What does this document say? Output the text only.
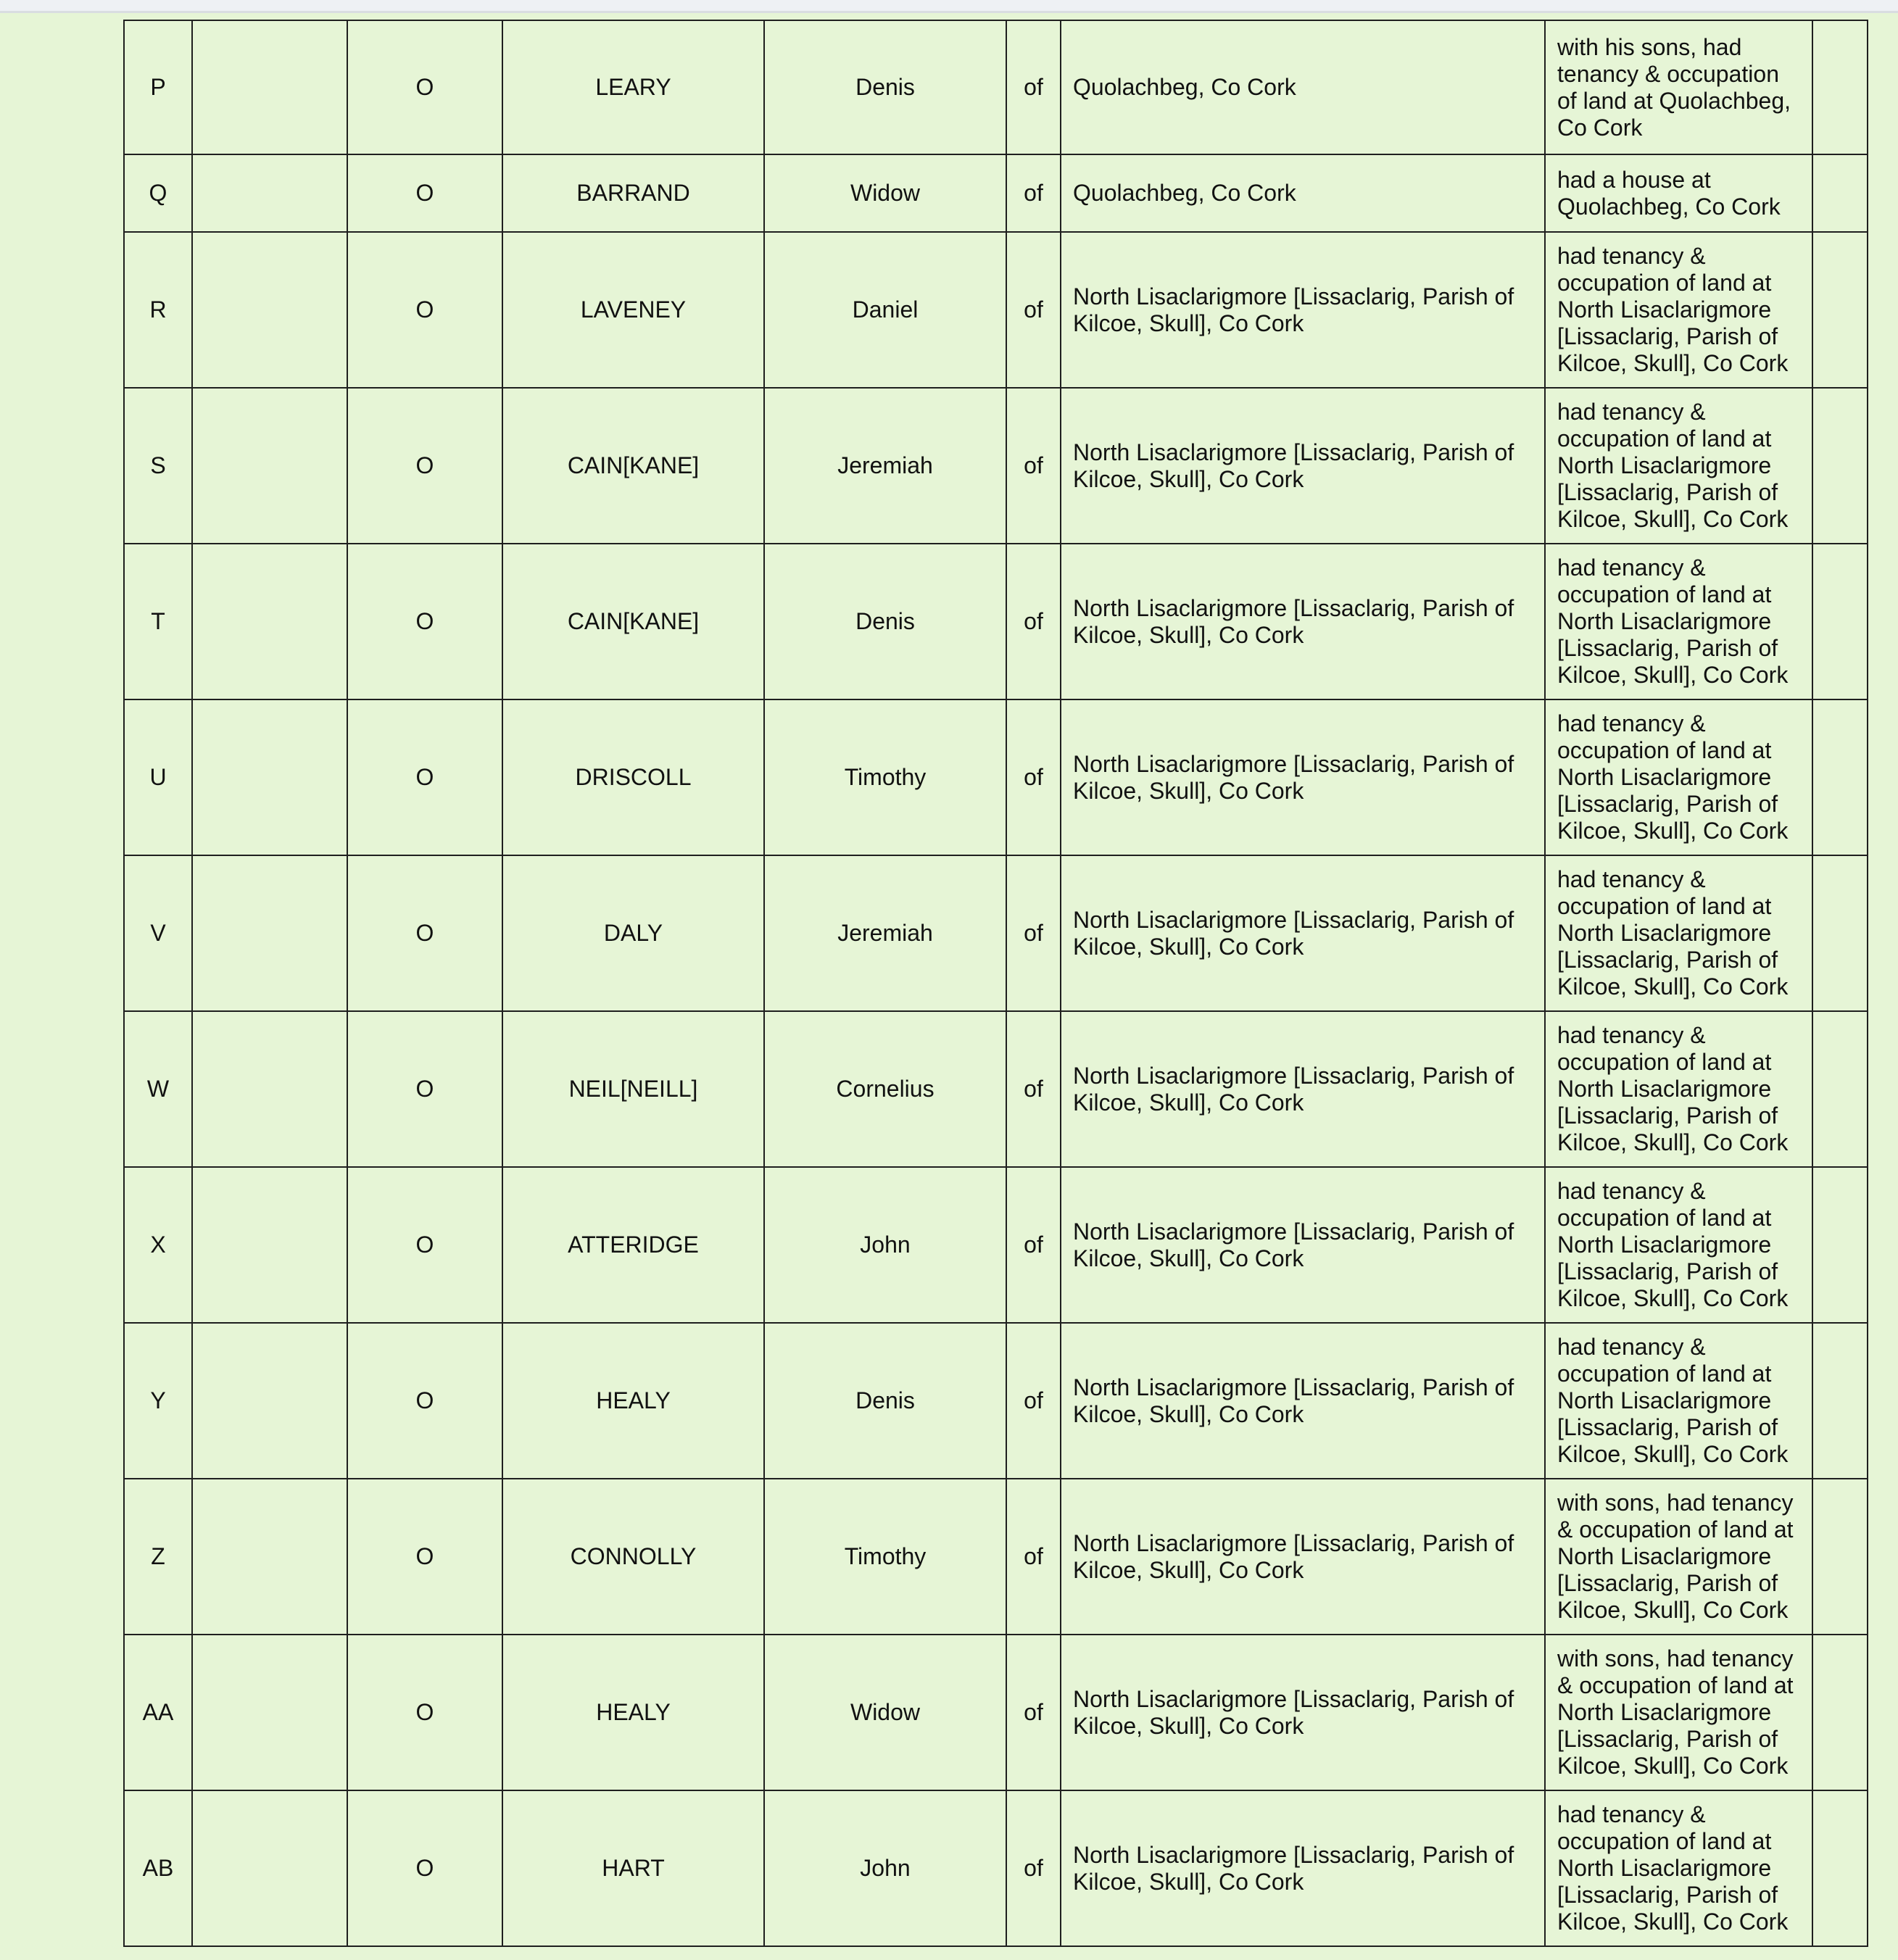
P		O	LEARY	Denis	of	Quolachbeg, Co Cork	with his sons, had tenancy & occupation of land at Quolachbeg, Co Cork	
Q		O	BARRAND	Widow	of	Quolachbeg, Co Cork	had a house at Quolachbeg, Co Cork	
R		O	LAVENEY	Daniel	of	North Lisaclarigmore [Lissaclarig, Parish of Kilcoe, Skull], Co Cork	had tenancy & occupation of land at North Lisaclarigmore [Lissaclarig, Parish of Kilcoe, Skull], Co Cork	
S		O	CAIN[KANE]	Jeremiah	of	North Lisaclarigmore [Lissaclarig, Parish of Kilcoe, Skull], Co Cork	had tenancy & occupation of land at North Lisaclarigmore [Lissaclarig, Parish of Kilcoe, Skull], Co Cork	
T		O	CAIN[KANE]	Denis	of	North Lisaclarigmore [Lissaclarig, Parish of Kilcoe, Skull], Co Cork	had tenancy & occupation of land at North Lisaclarigmore [Lissaclarig, Parish of Kilcoe, Skull], Co Cork	
U		O	DRISCOLL	Timothy	of	North Lisaclarigmore [Lissaclarig, Parish of Kilcoe, Skull], Co Cork	had tenancy & occupation of land at North Lisaclarigmore [Lissaclarig, Parish of Kilcoe, Skull], Co Cork	
V		O	DALY	Jeremiah	of	North Lisaclarigmore [Lissaclarig, Parish of Kilcoe, Skull], Co Cork	had tenancy & occupation of land at North Lisaclarigmore [Lissaclarig, Parish of Kilcoe, Skull], Co Cork	
W		O	NEIL[NEILL]	Cornelius	of	North Lisaclarigmore [Lissaclarig, Parish of Kilcoe, Skull], Co Cork	had tenancy & occupation of land at North Lisaclarigmore [Lissaclarig, Parish of Kilcoe, Skull], Co Cork	
X		O	ATTERIDGE	John	of	North Lisaclarigmore [Lissaclarig, Parish of Kilcoe, Skull], Co Cork	had tenancy & occupation of land at North Lisaclarigmore [Lissaclarig, Parish of Kilcoe, Skull], Co Cork	
Y		O	HEALY	Denis	of	North Lisaclarigmore [Lissaclarig, Parish of Kilcoe, Skull], Co Cork	had tenancy & occupation of land at North Lisaclarigmore [Lissaclarig, Parish of Kilcoe, Skull], Co Cork	
Z		O	CONNOLLY	Timothy	of	North Lisaclarigmore [Lissaclarig, Parish of Kilcoe, Skull], Co Cork	with sons, had tenancy & occupation of land at North Lisaclarigmore [Lissaclarig, Parish of Kilcoe, Skull], Co Cork	
AA		O	HEALY	Widow	of	North Lisaclarigmore [Lissaclarig, Parish of Kilcoe, Skull], Co Cork	with sons, had tenancy & occupation of land at North Lisaclarigmore [Lissaclarig, Parish of Kilcoe, Skull], Co Cork	
AB		O	HART	John	of	North Lisaclarigmore [Lissaclarig, Parish of Kilcoe, Skull], Co Cork	had tenancy & occupation of land at North Lisaclarigmore [Lissaclarig, Parish of Kilcoe, Skull], Co Cork	
